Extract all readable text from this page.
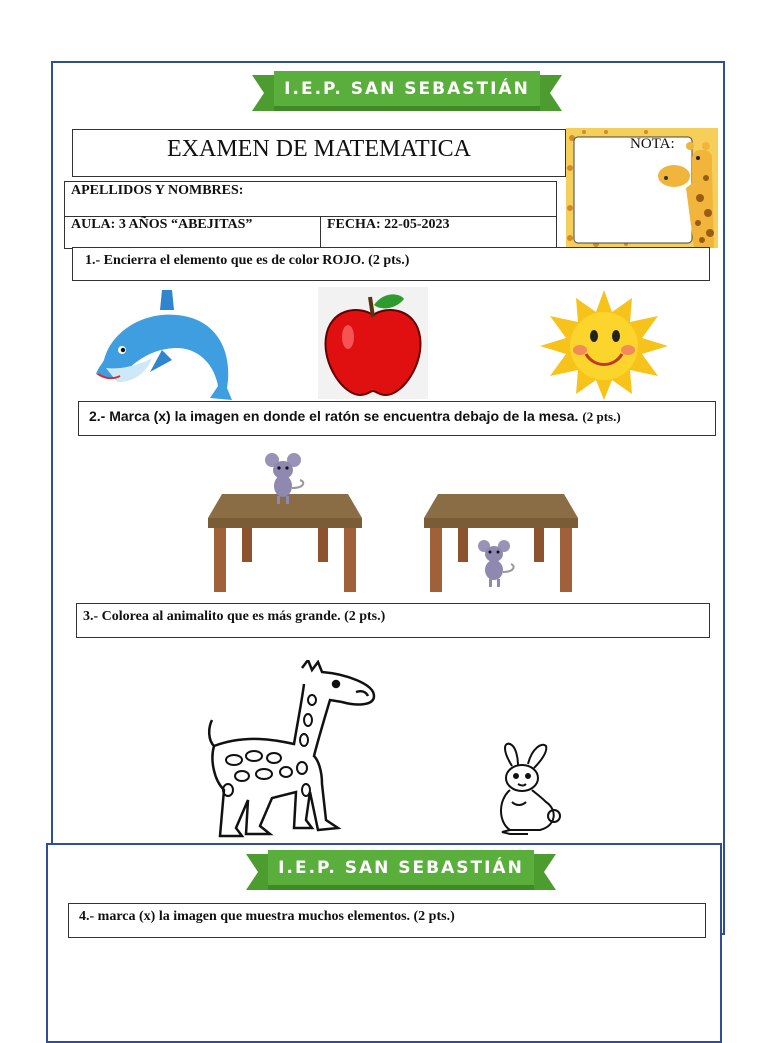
I.E.P. SAN SEBASTIÁN
EXAMEN DE MATEMATICA	NOTA:
APELLIDOS Y NOMBRES:
AULA: 3 AÑOS “ABEJITAS”	FECHA: 22-05-2023
1.- Encierra el elemento que es de color ROJO. (2 pts.)
2.- Marca (x) la imagen en donde el ratón se encuentra debajo de la mesa. (2 pts.)
3.- Colorea al animalito que es más grande. (2 pts.)
I.E.P. SAN SEBASTIÁN
4.- marca (x) la imagen que muestra muchos elementos. (2 pts.)
